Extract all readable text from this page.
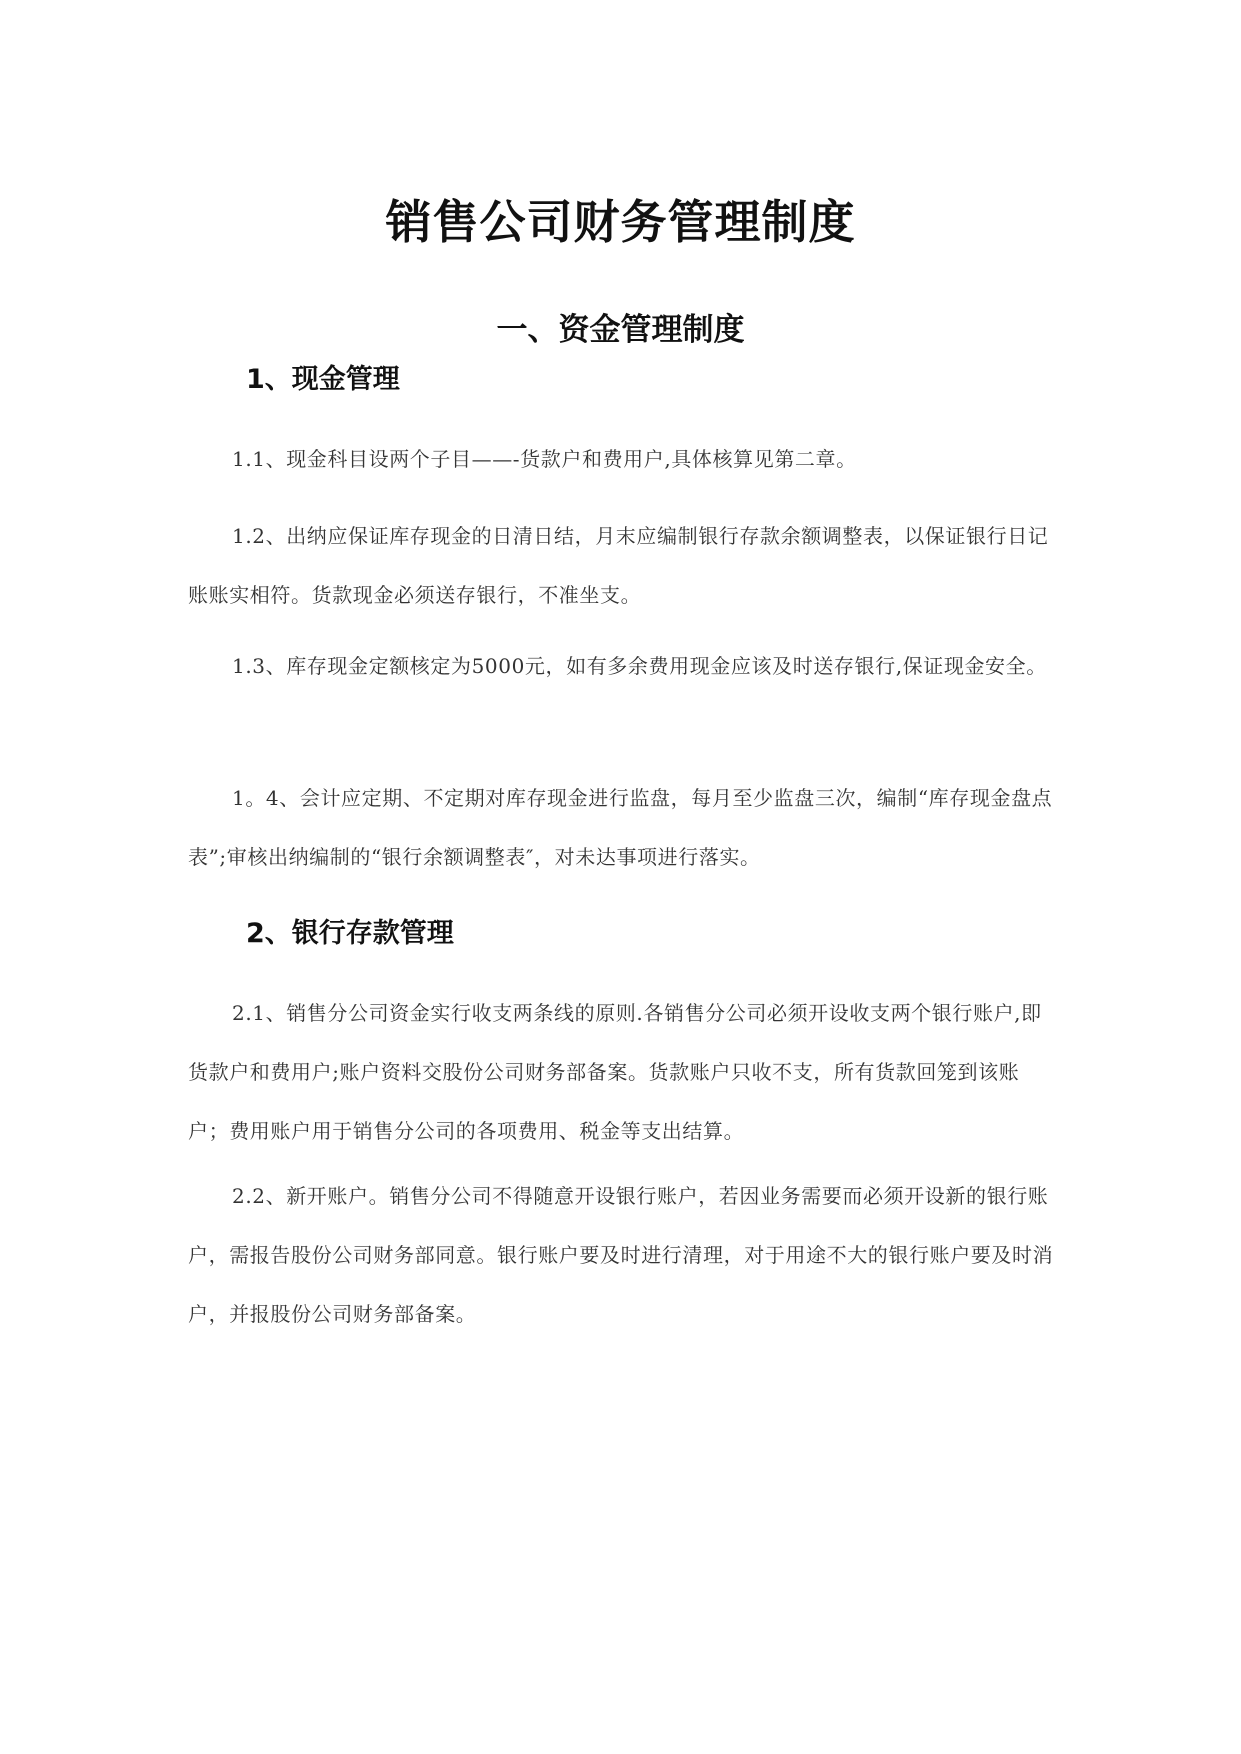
销售公司财务管理制度
一、资金管理制度
1、现金管理

1.1、现金科目设两个子目——-货款户和费用户,具体核算见第二章。

1.2、出纳应保证库存现金的日清日结，月末应编制银行存款余额调整表，以保证银行日记账账实相符。货款现金必须送存银行，不准坐支。

1.3、库存现金定额核定为5000元，如有多余费用现金应该及时送存银行,保证现金安全。

1。4、会计应定期、不定期对库存现金进行监盘，每月至少监盘三次，编制“库存现金盘点表”;审核出纳编制的“银行余额调整表″，对未达事项进行落实。

2、银行存款管理

2.1、销售分公司资金实行收支两条线的原则.各销售分公司必须开设收支两个银行账户,即货款户和费用户;账户资料交股份公司财务部备案。货款账户只收不支，所有货款回笼到该账户；费用账户用于销售分公司的各项费用、税金等支出结算。

2.2、新开账户。销售分公司不得随意开设银行账户，若因业务需要而必须开设新的银行账户，需报告股份公司财务部同意。银行账户要及时进行清理，对于用途不大的银行账户要及时消户，并报股份公司财务部备案。
